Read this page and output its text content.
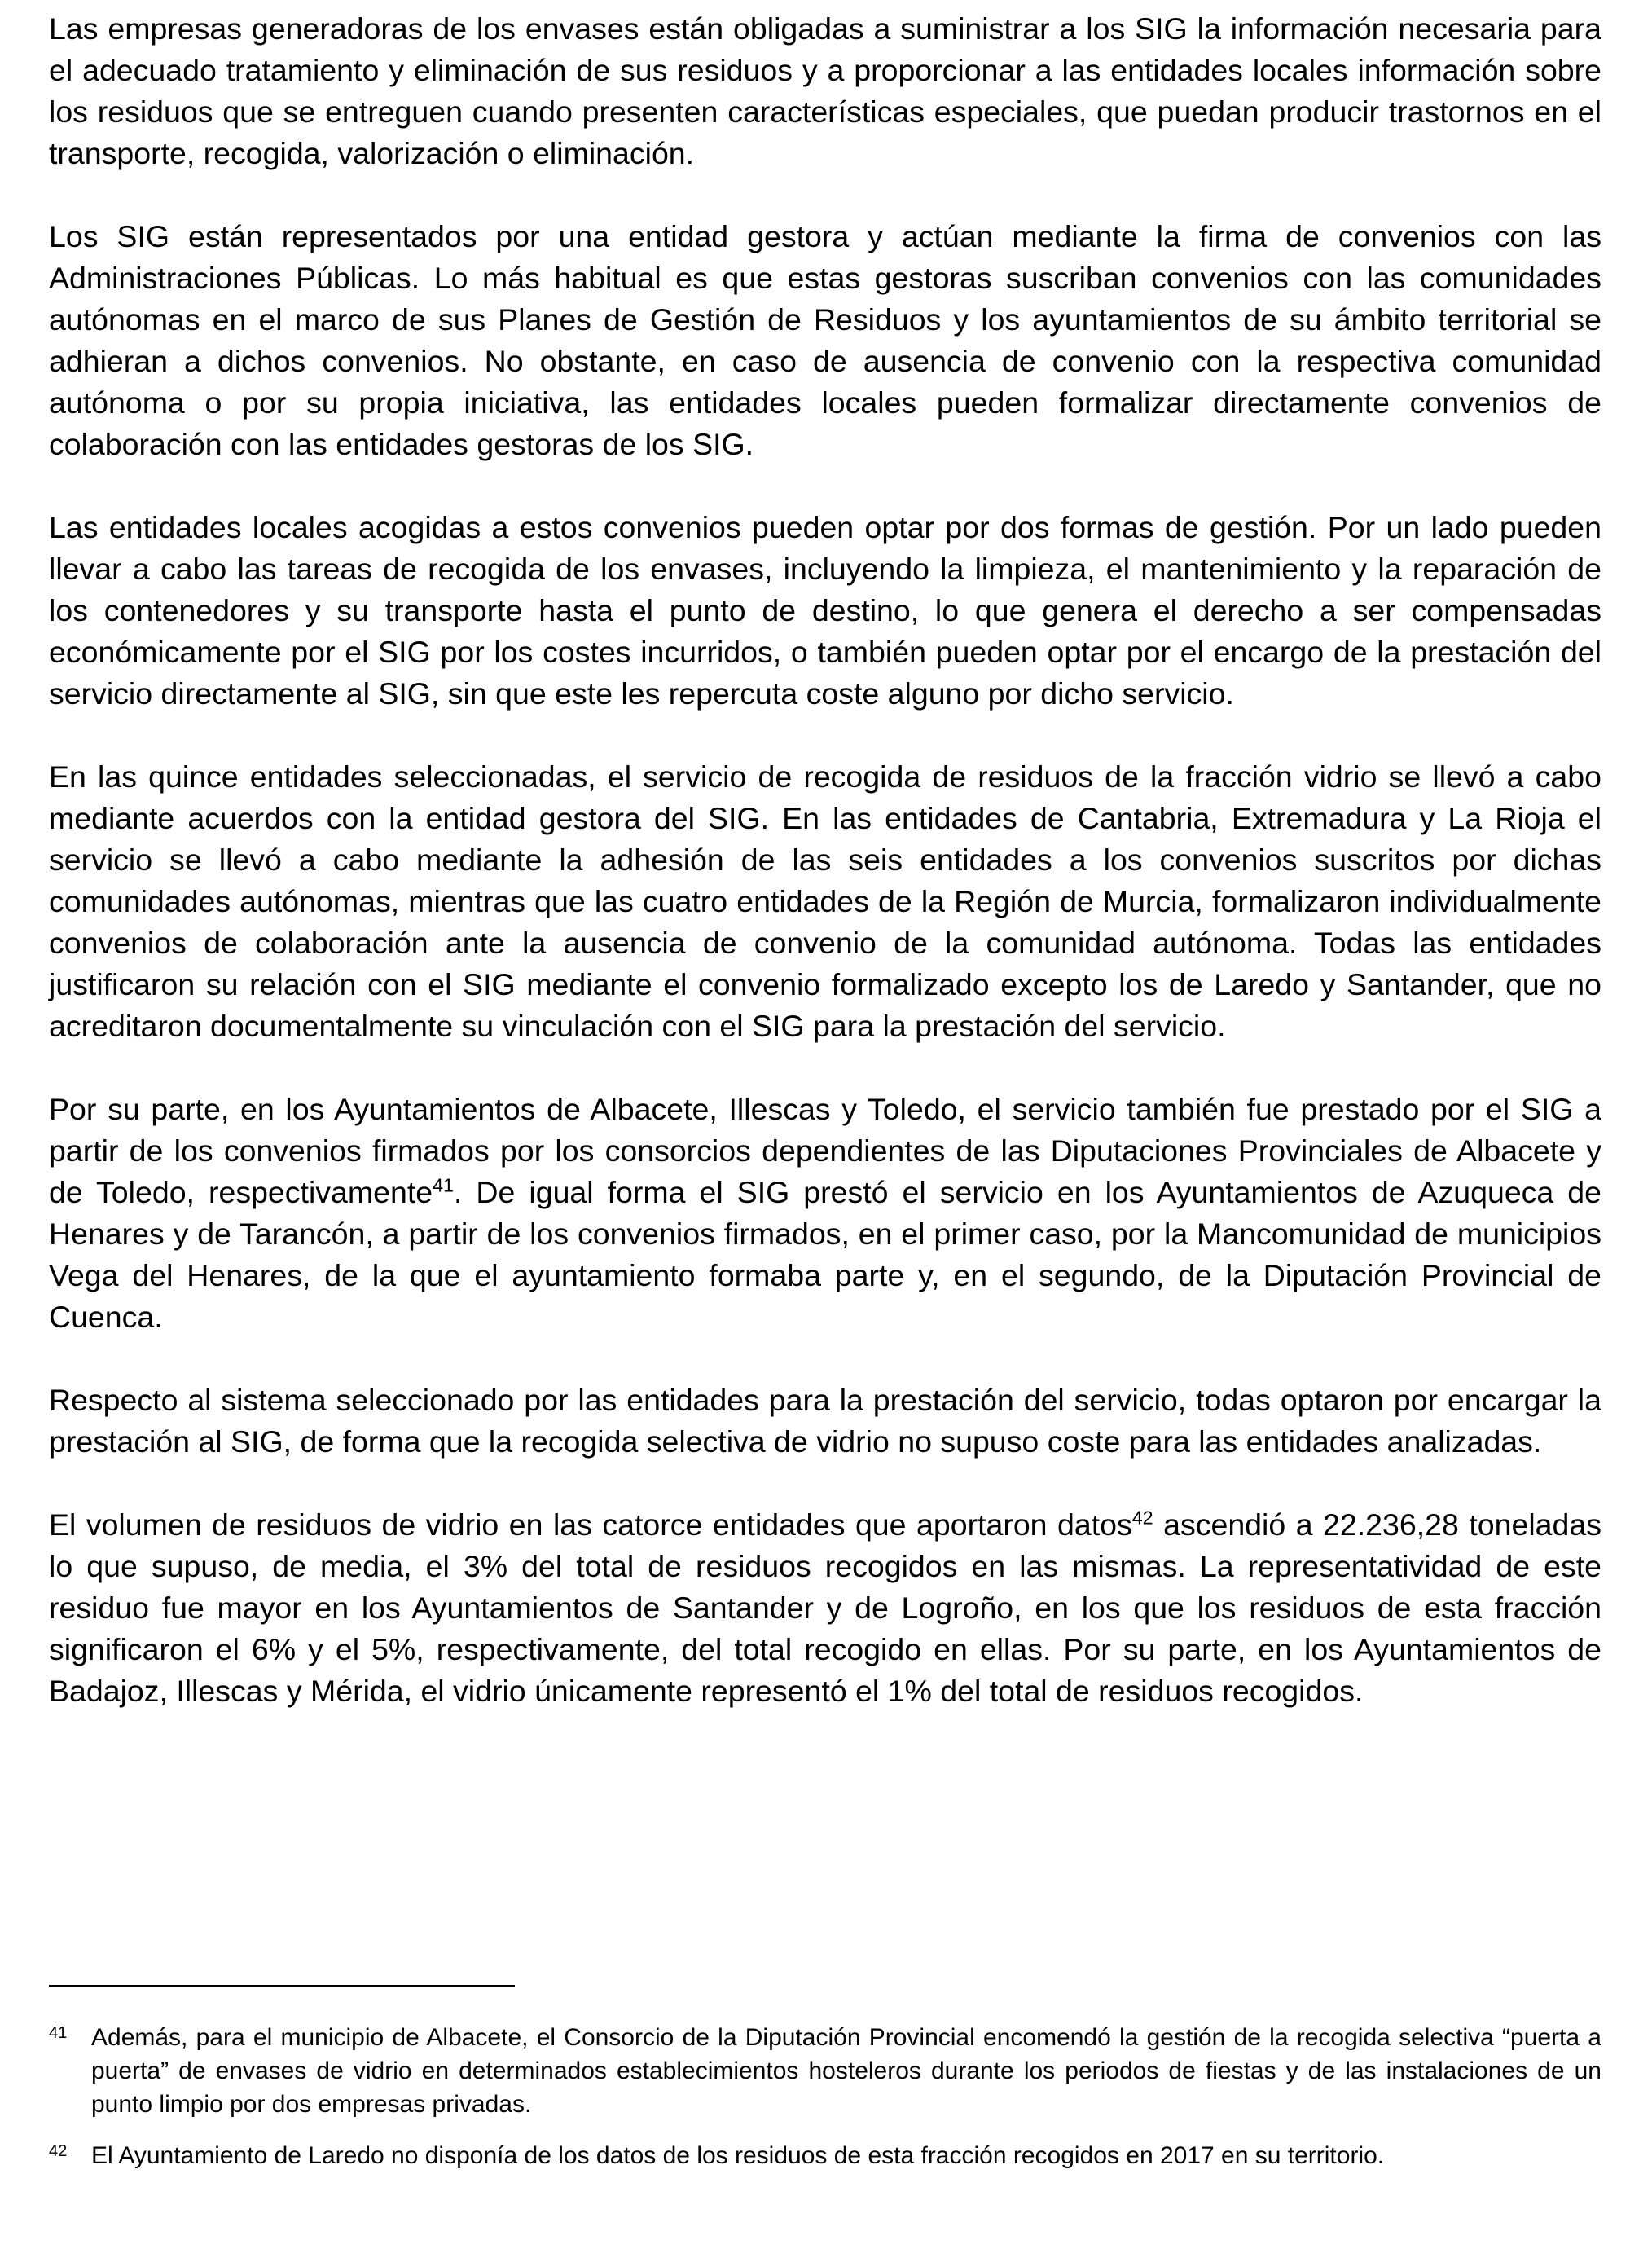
Las empresas generadoras de los envases están obligadas a suministrar a los SIG la información necesaria para el adecuado tratamiento y eliminación de sus residuos y a proporcionar a las entidades locales información sobre los residuos que se entreguen cuando presenten características especiales, que puedan producir trastornos en el transporte, recogida, valorización o eliminación.

Los SIG están representados por una entidad gestora y actúan mediante la firma de convenios con las Administraciones Públicas. Lo más habitual es que estas gestoras suscriban convenios con las comunidades autónomas en el marco de sus Planes de Gestión de Residuos y los ayuntamientos de su ámbito territorial se adhieran a dichos convenios. No obstante, en caso de ausencia de convenio con la respectiva comunidad autónoma o por su propia iniciativa, las entidades locales pueden formalizar directamente convenios de colaboración con las entidades gestoras de los SIG.

Las entidades locales acogidas a estos convenios pueden optar por dos formas de gestión. Por un lado pueden llevar a cabo las tareas de recogida de los envases, incluyendo la limpieza, el mantenimiento y la reparación de los contenedores y su transporte hasta el punto de destino, lo que genera el derecho a ser compensadas económicamente por el SIG por los costes incurridos, o también pueden optar por el encargo de la prestación del servicio directamente al SIG, sin que este les repercuta coste alguno por dicho servicio.

En las quince entidades seleccionadas, el servicio de recogida de residuos de la fracción vidrio se llevó a cabo mediante acuerdos con la entidad gestora del SIG. En las entidades de Cantabria, Extremadura y La Rioja el servicio se llevó a cabo mediante la adhesión de las seis entidades a los convenios suscritos por dichas comunidades autónomas, mientras que las cuatro entidades de la Región de Murcia, formalizaron individualmente convenios de colaboración ante la ausencia de convenio de la comunidad autónoma. Todas las entidades justificaron su relación con el SIG mediante el convenio formalizado excepto los de Laredo y Santander, que no acreditaron documentalmente su vinculación con el SIG para la prestación del servicio.

Por su parte, en los Ayuntamientos de Albacete, Illescas y Toledo, el servicio también fue prestado por el SIG a partir de los convenios firmados por los consorcios dependientes de las Diputaciones Provinciales de Albacete y de Toledo, respectivamente$^{41}$. De igual forma el SIG prestó el servicio en los Ayuntamientos de Azuqueca de Henares y de Tarancón, a partir de los convenios firmados, en el primer caso, por la Mancomunidad de municipios Vega del Henares, de la que el ayuntamiento formaba parte y, en el segundo, de la Diputación Provincial de Cuenca.

Respecto al sistema seleccionado por las entidades para la prestación del servicio, todas optaron por encargar la prestación al SIG, de forma que la recogida selectiva de vidrio no supuso coste para las entidades analizadas.

El volumen de residuos de vidrio en las catorce entidades que aportaron datos$^{42}$ ascendió a 22.236,28 toneladas lo que supuso, de media, el 3% del total de residuos recogidos en las mismas. La representatividad de este residuo fue mayor en los Ayuntamientos de Santander y de Logroño, en los que los residuos de esta fracción significaron el 6% y el 5%, respectivamente, del total recogido en ellas. Por su parte, en los Ayuntamientos de Badajoz, Illescas y Mérida, el vidrio únicamente representó el 1% del total de residuos recogidos.

41 Además, para el municipio de Albacete, el Consorcio de la Diputación Provincial encomendó la gestión de la recogida selectiva “puerta a puerta” de envases de vidrio en determinados establecimientos hosteleros durante los periodos de fiestas y de las instalaciones de un punto limpio por dos empresas privadas.
42 El Ayuntamiento de Laredo no disponía de los datos de los residuos de esta fracción recogidos en 2017 en su territorio.
